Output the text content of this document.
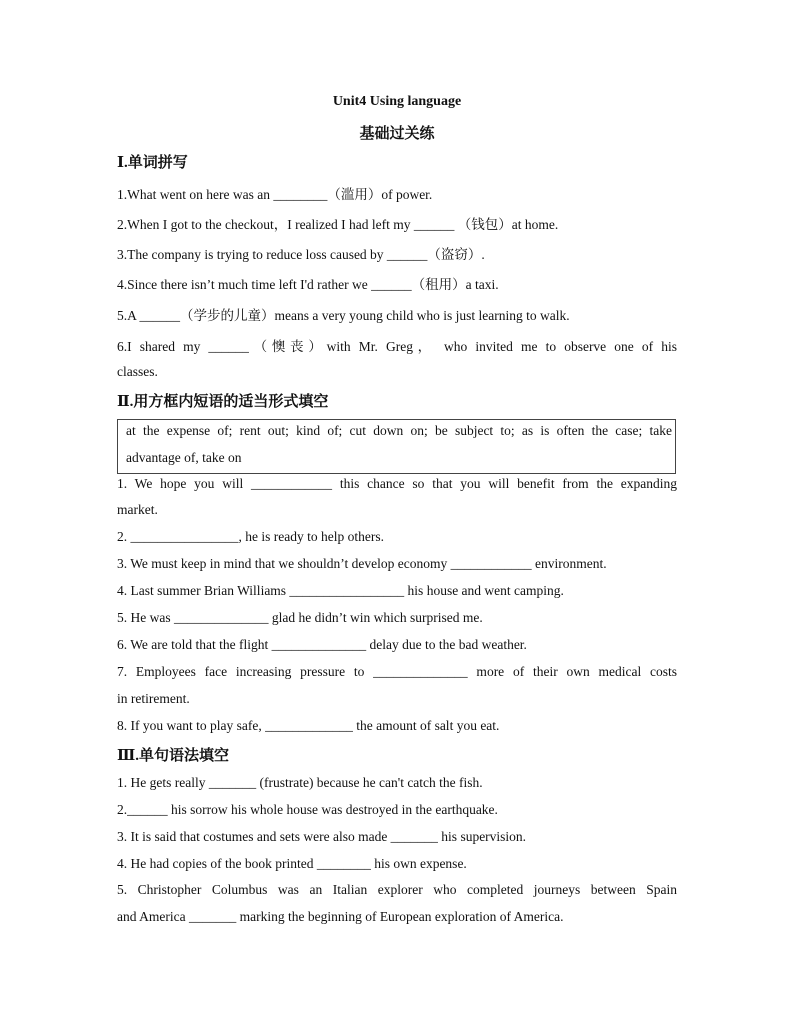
Unit4 Using language
基础过关练
Ⅰ.单词拼写
1.What went on here was an ________（滥用）of power.
2.When I got to the checkout，I realized I had left my ______ （钱包）at home.
3.The company is trying to reduce loss caused by ______（盗窃）.
4.Since there isn’t much time left I'd rather we ______（租用）a taxi.
5.A ______（学步的儿童）means a very young child who is just learning to walk.
6.I shared my ______（懊丧）with Mr. Greg， who invited me to observe one of his
classes.
Ⅱ.用方框内短语的适当形式填空
at the expense of; rent out; kind of; cut down on; be subject to; as is often the case; take
advantage of, take on
1. We hope you will ____________ this chance so that you will benefit from the expanding
market.
2. ________________, he is ready to help others.
3. We must keep in mind that we shouldn’t develop economy ____________ environment.
4. Last summer Brian Williams _________________ his house and went camping.
5. He was ______________ glad he didn’t win which surprised me.
6. We are told that the flight ______________ delay due to the bad weather.
7. Employees face increasing pressure to ______________ more of their own medical costs
in retirement.
8. If you want to play safe, _____________ the amount of salt you eat.
Ⅲ.单句语法填空
1. He gets really _______ (frustrate) because he can't catch the fish.
2.______ his sorrow his whole house was destroyed in the earthquake.
3. It is said that costumes and sets were also made _______ his supervision.
4. He had copies of the book printed ________ his own expense.
5. Christopher Columbus was an Italian explorer who completed journeys between Spain
and America _______ marking the beginning of European exploration of America.
